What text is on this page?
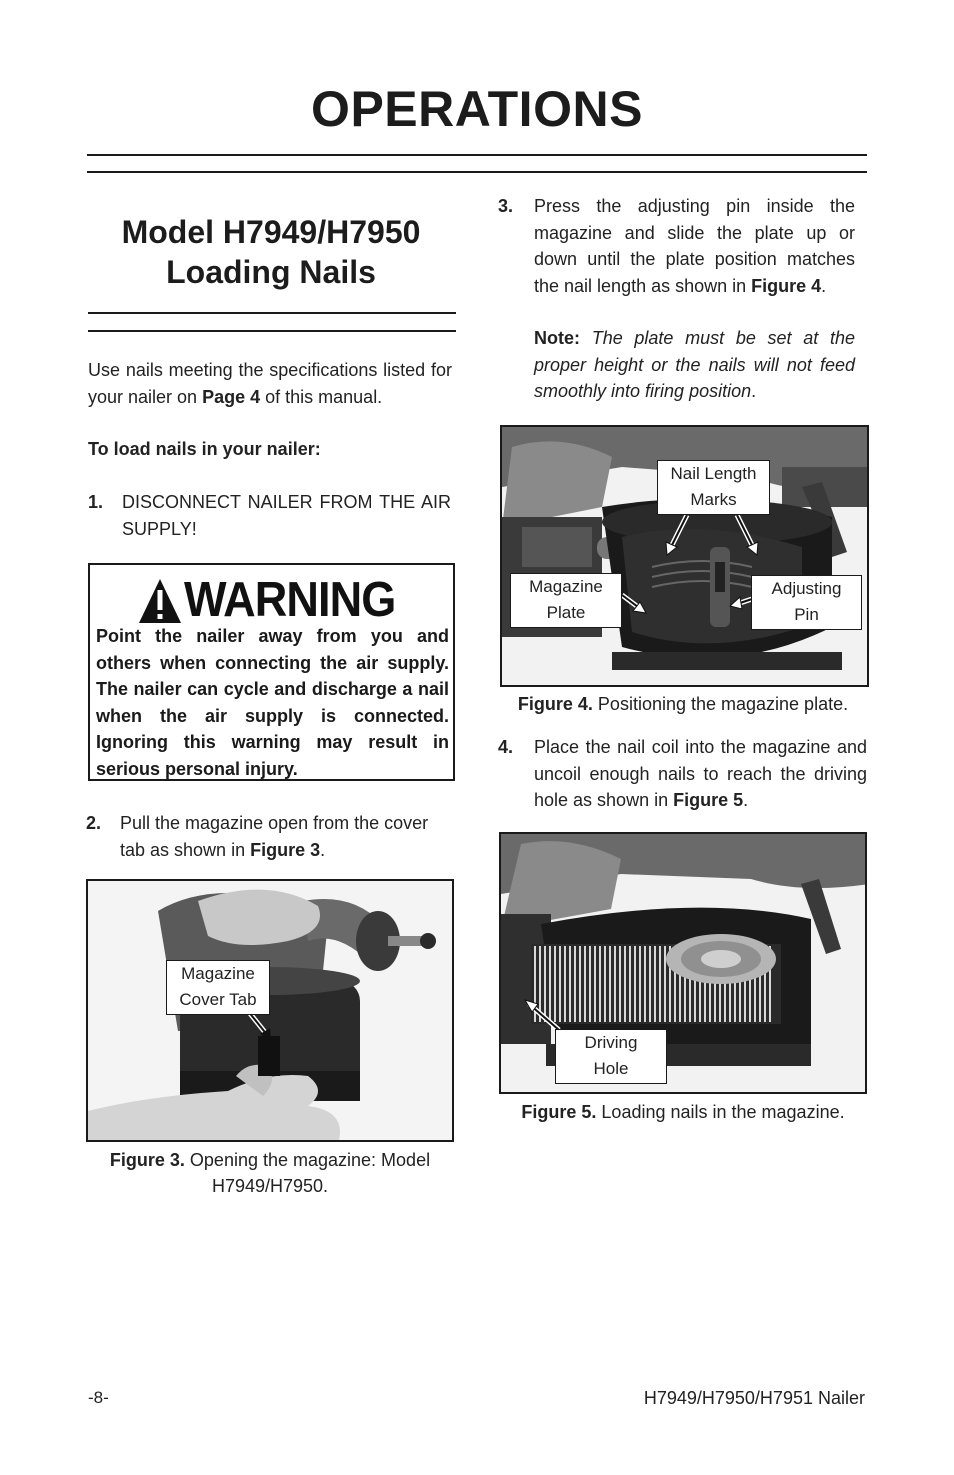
OPERATIONS
Model H7949/H7950
Loading Nails
Use nails meeting the specifications listed for your nailer on Page 4 of this manual.
To load nails in your nailer:
1. DISCONNECT NAILER FROM THE AIR SUPPLY!
WARNING
Point the nailer away from you and others when connecting the air supply. The nailer can cycle and discharge a nail when the air supply is connected. Ignoring this warning may result in serious personal injury.
2. Pull the magazine open from the cover tab as shown in Figure 3.
Magazine
Cover Tab
Figure 3. Opening the magazine: Model
H7949/H7950.
3. Press the adjusting pin inside the magazine and slide the plate up or down until the plate position matches the nail length as shown in Figure 4.
Note: The plate must be set at the proper height or the nails will not feed smoothly into firing position.
Nail Length
Marks
Magazine
Plate
Adjusting
Pin
Figure 4. Positioning the magazine plate.
4. Place the nail coil into the magazine and uncoil enough nails to reach the driving hole as shown in Figure 5.
Driving
Hole
Figure 5. Loading nails in the magazine.
-8-	H7949/H7950/H7951 Nailer
